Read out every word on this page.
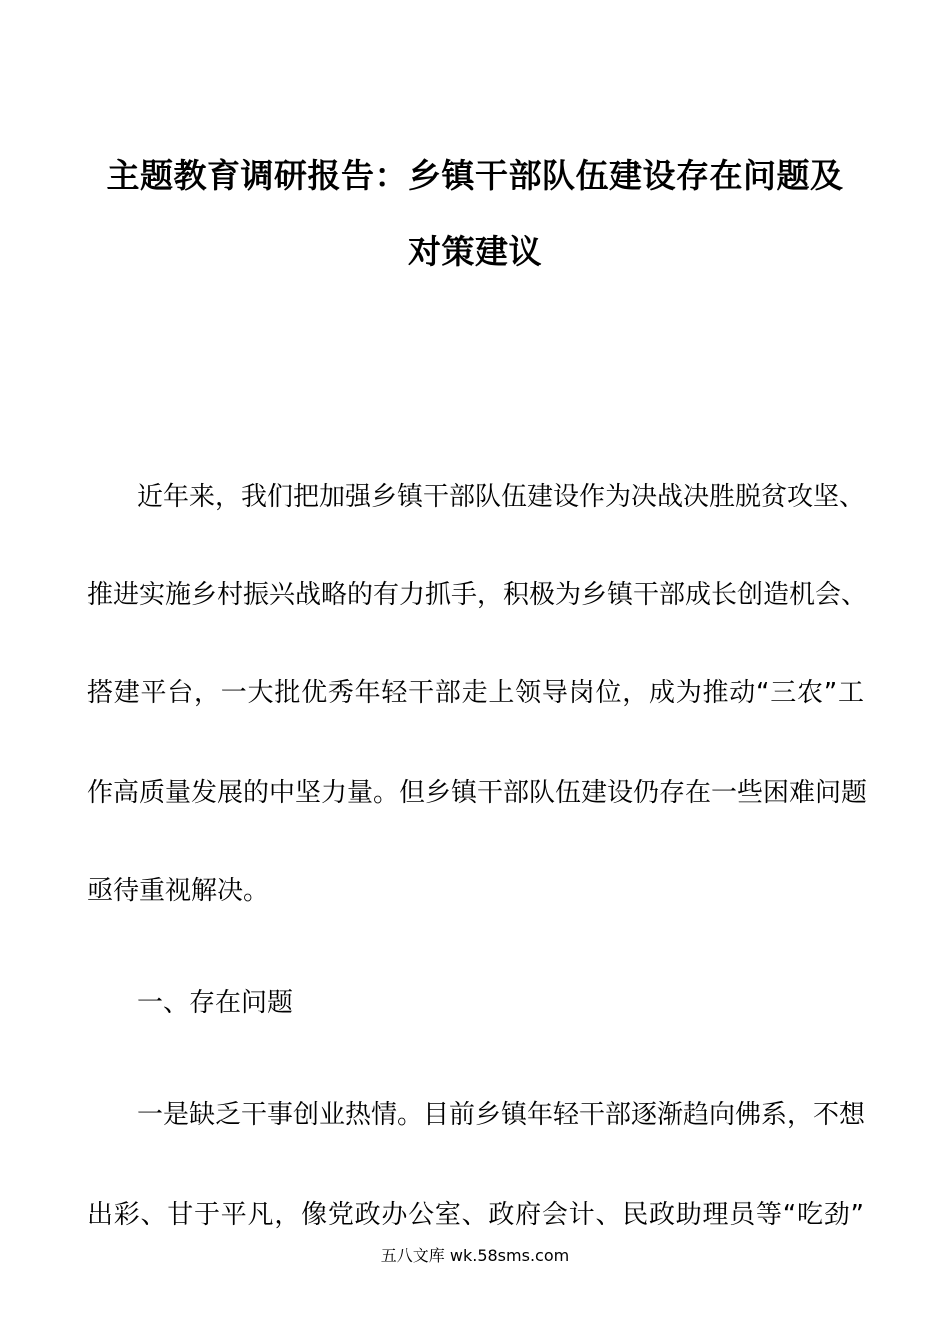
主题教育调研报告：乡镇干部队伍建设存在问题及
对策建议
近年来，我们把加强乡镇干部队伍建设作为决战决胜脱贫攻坚、
推进实施乡村振兴战略的有力抓手，积极为乡镇干部成长创造机会、
搭建平台，一大批优秀年轻干部走上领导岗位，成为推动“三农”工
作高质量发展的中坚力量。但乡镇干部队伍建设仍存在一些困难问题
亟待重视解决。
一、存在问题
一是缺乏干事创业热情。目前乡镇年轻干部逐渐趋向佛系，不想
出彩、甘于平凡，像党政办公室、政府会计、民政助理员等“吃劲”
五八文库 wk.58sms.com
